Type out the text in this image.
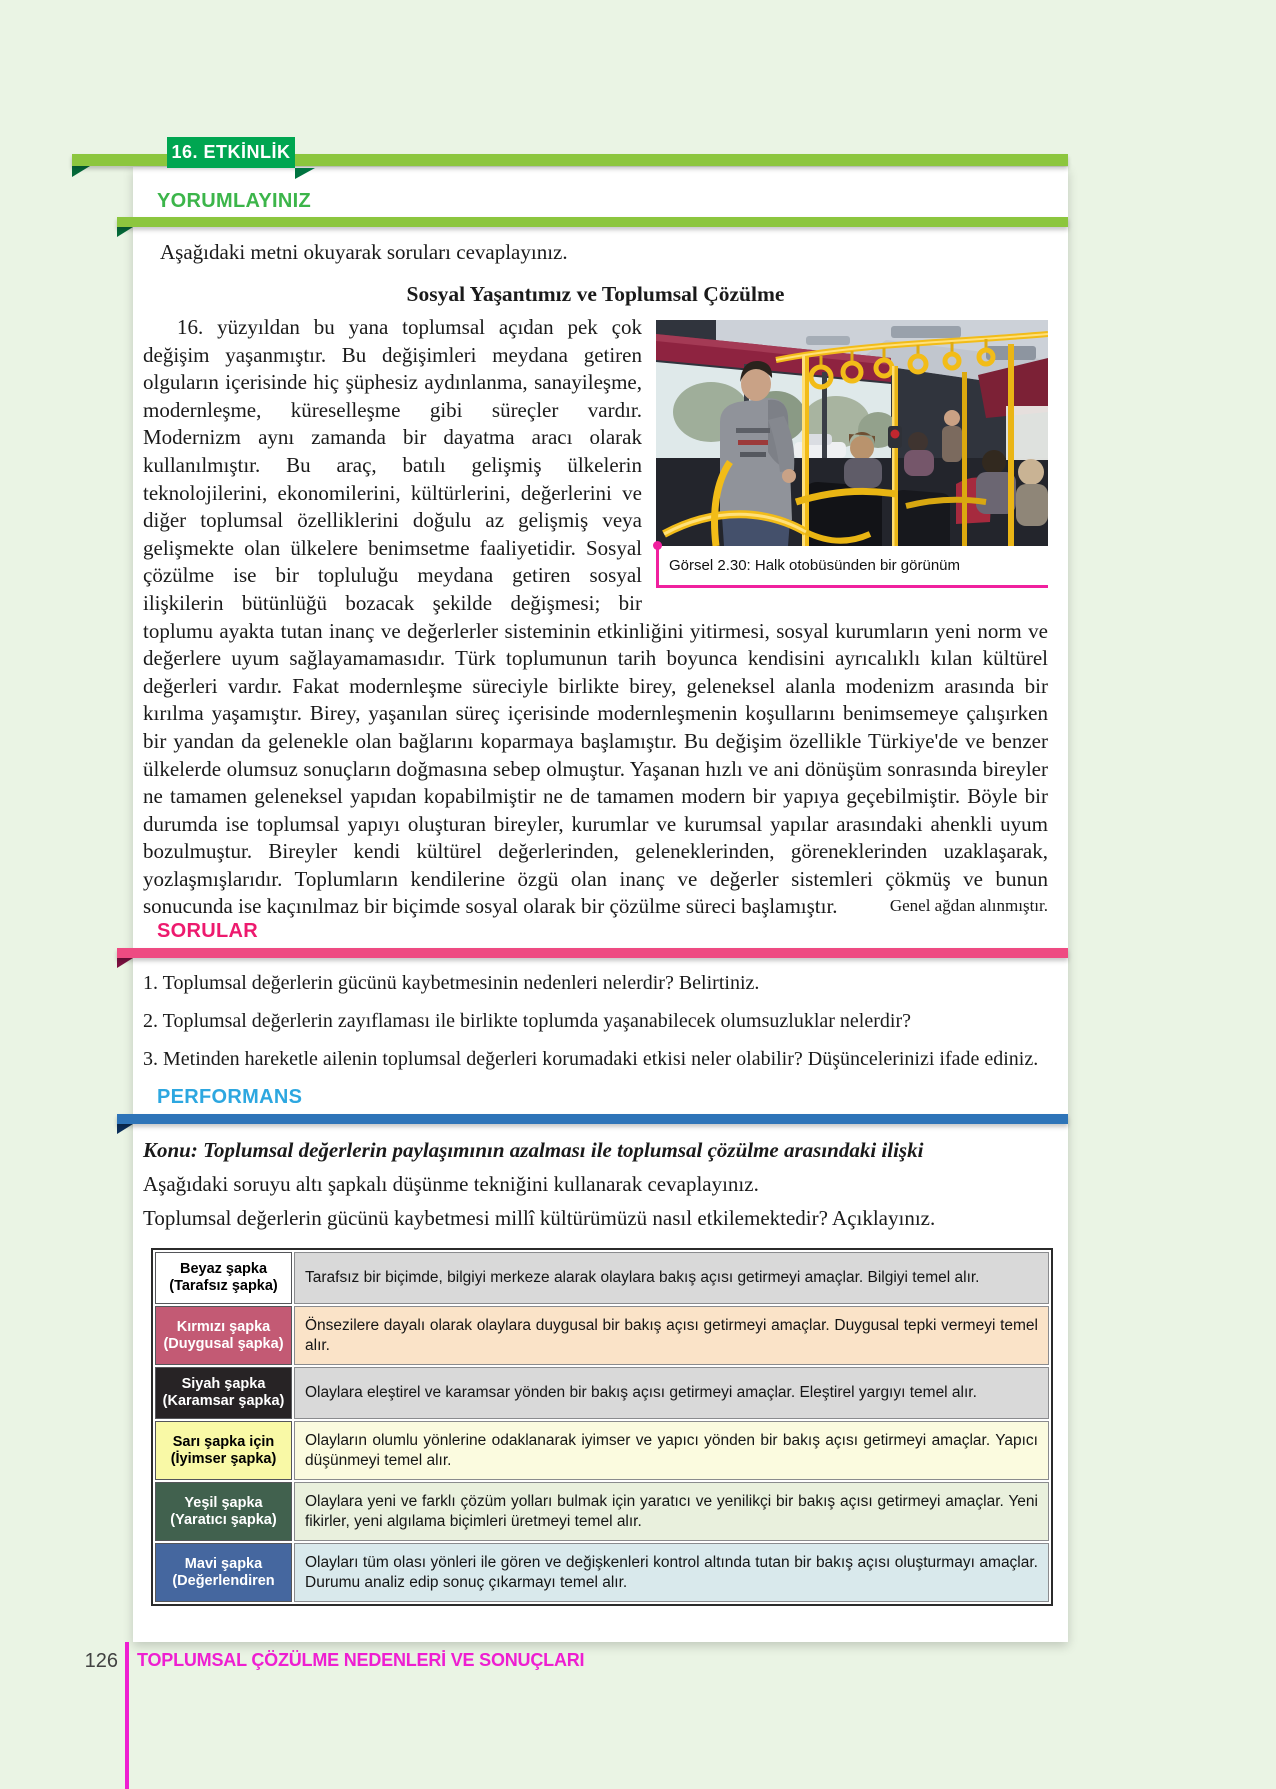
16. ETKİNLİK
YORUMLAYINIZ
Aşağıdaki metni okuyarak soruları cevaplayınız.
Sosyal Yaşantımız ve Toplumsal Çözülme
Görsel 2.30: Halk otobüsünden bir görünüm

16. yüzyıldan bu yana toplumsal açıdan pek çok değişim yaşanmıştır. Bu değişimleri meydana getiren olguların içerisinde hiç şüphesiz aydınlanma, sanayileşme, modernleşme, küreselleşme gibi süreçler vardır. Modernizm aynı zamanda bir dayatma aracı olarak kullanılmıştır. Bu araç, batılı gelişmiş ülkelerin teknolojilerini, ekonomilerini, kültürlerini, değerlerini ve diğer toplumsal özelliklerini doğulu az gelişmiş veya gelişmekte olan ülkelere benimsetme faaliyetidir. Sosyal çözülme ise bir topluluğu meydana getiren sosyal ilişkilerin bütünlüğü bozacak şekilde değişmesi; bir toplumu ayakta tutan inanç ve değerlerler sisteminin etkinliğini yitirmesi, sosyal kurumların yeni norm ve değerlere uyum sağlayamamasıdır. Türk toplumunun tarih boyunca kendisini ayrıcalıklı kılan kültürel değerleri vardır. Fakat modernleşme süreciyle birlikte birey, geleneksel alanla modenizm arasında bir kırılma yaşamıştır. Birey, yaşanılan süreç içerisinde modernleşmenin koşullarını benimsemeye çalışırken bir yandan da gelenekle olan bağlarını koparmaya başlamıştır. Bu değişim özellikle Türkiye'de ve benzer ülkelerde olumsuz sonuçların doğmasına sebep olmuştur. Yaşanan hızlı ve ani dönüşüm sonrasında bireyler ne tamamen geleneksel yapıdan kopabilmiştir ne de tamamen modern bir yapıya geçebilmiştir. Böyle bir durumda ise toplumsal yapıyı oluşturan bireyler, kurumlar ve kurumsal yapılar arasındaki ahenkli uyum bozulmuştur. Bireyler kendi kültürel değerlerinden, geleneklerinden, göreneklerinden uzaklaşarak, yozlaşmışlarıdır. Toplumların kendilerine özgü olan inanç ve değerler sistemleri çökmüş ve bunun sonucunda ise kaçınılmaz bir biçimde sosyal olarak bir çözülme süreci başlamıştır.	Genel ağdan alınmıştır.
SORULAR
1. Toplumsal değerlerin gücünü kaybetmesinin nedenleri nelerdir? Belirtiniz.
2. Toplumsal değerlerin zayıflaması ile birlikte toplumda yaşanabilecek olumsuzluklar nelerdir?
3. Metinden hareketle ailenin toplumsal değerleri korumadaki etkisi neler olabilir? Düşüncelerinizi ifade ediniz.
PERFORMANS
Konu: Toplumsal değerlerin paylaşımının azalması ile toplumsal çözülme arasındaki ilişki
Aşağıdaki soruyu altı şapkalı düşünme tekniğini kullanarak cevaplayınız.
Toplumsal değerlerin gücünü kaybetmesi millî kültürümüzü nasıl etkilemektedir? Açıklayınız.
Beyaz şapka
(Tarafsız şapka)	Tarafsız bir biçimde, bilgiyi merkeze alarak olaylara bakış açısı getirmeyi amaçlar. Bilgiyi temel alır.
Kırmızı şapka
(Duygusal şapka)
Önsezilere dayalı olarak olaylara duygusal bir bakış açısı getirmeyi amaçlar. Duygusal tepki vermeyi temel alır.
Siyah şapka
(Karamsar şapka) Olaylara eleştirel ve karamsar yönden bir bakış açısı getirmeyi amaçlar. Eleştirel yargıyı temel alır.
Sarı şapka için
(İyimser şapka)
Olayların olumlu yönlerine odaklanarak iyimser ve yapıcı yönden bir bakış açısı getirmeyi amaçlar. Yapıcı düşünmeyi temel alır.
Yeşil şapka
(Yaratıcı şapka)
Olaylara yeni ve farklı çözüm yolları bulmak için yaratıcı ve yenilikçi bir bakış açısı getirmeyi amaçlar. Yeni fikirler, yeni algılama biçimleri üretmeyi temel alır.
Mavi şapka
(Değerlendiren
Olayları tüm olası yönleri ile gören ve değişkenleri kontrol altında tutan bir bakış açısı oluşturmayı amaçlar. Durumu analiz edip sonuç çıkarmayı temel alır.
126 TOPLUMSAL ÇÖZÜLME NEDENLERİ VE SONUÇLARI
